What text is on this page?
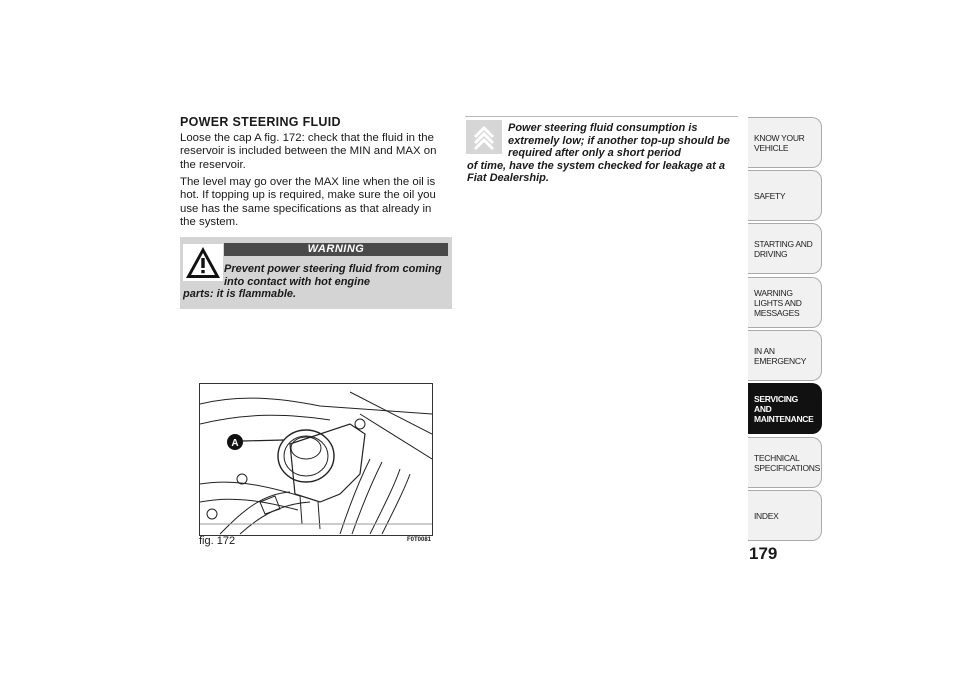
POWER STEERING FLUID
Loose the cap A fig. 172: check that the fluid in the reservoir is included between the MIN and MAX on the reservoir.
The level may go over the MAX line when the oil is hot. If topping up is required, make sure the oil you use has the same specifications as that already in the system.
WARNING
Prevent power steering fluid from coming into contact with hot engine
parts: it is flammable.
Power steering fluid consumption is extremely low; if another top-up should be required after only a short period
of time, have the system checked for leakage at a Fiat Dealership.
A
fig. 172	F0T0081
KNOW YOUR VEHICLE
SAFETY
STARTING AND DRIVING
WARNING LIGHTS AND MESSAGES
IN AN EMERGENCY
SERVICING AND MAINTENANCE
TECHNICAL SPECIFICATIONS
INDEX
179
